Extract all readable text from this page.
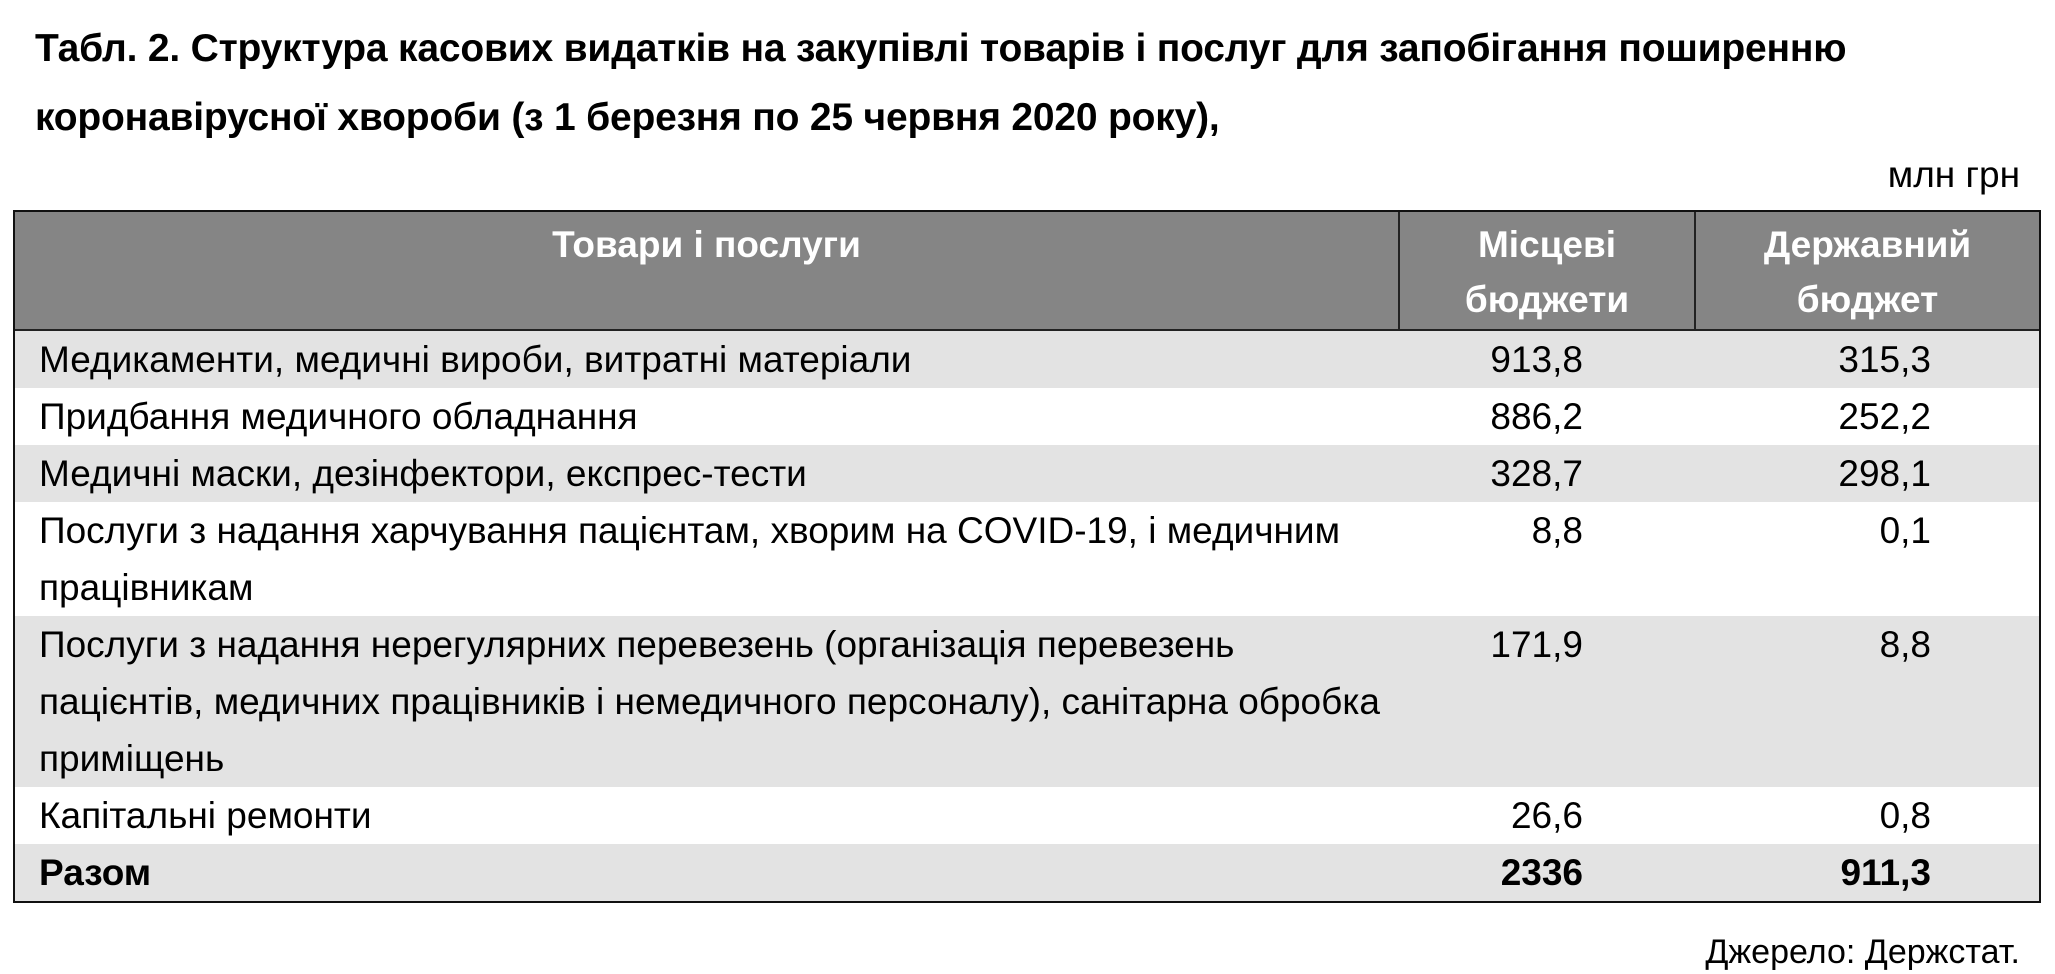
Табл. 2. Структура касових видатків на закупівлі товарів і послуг для запобігання поширенню коронавірусної хвороби (з 1 березня по 25 червня 2020 року),
млн грн
Товари і послуги	Місцеві бюджети	Державний бюджет
Медикаменти, медичні вироби, витратні матеріали	913,8	315,3
Придбання медичного обладнання	886,2	252,2
Медичні маски, дезінфектори, експрес-тести	328,7	298,1
Послуги з надання харчування пацієнтам, хворим на COVID-19, і медичним працівникам	8,8	0,1
Послуги з надання нерегулярних перевезень (організація перевезень пацієнтів, медичних працівників і немедичного персоналу), санітарна обробка приміщень	171,9	8,8
Капітальні ремонти	26,6	0,8
Разом	2336	911,3
Джерело: Держстат.
